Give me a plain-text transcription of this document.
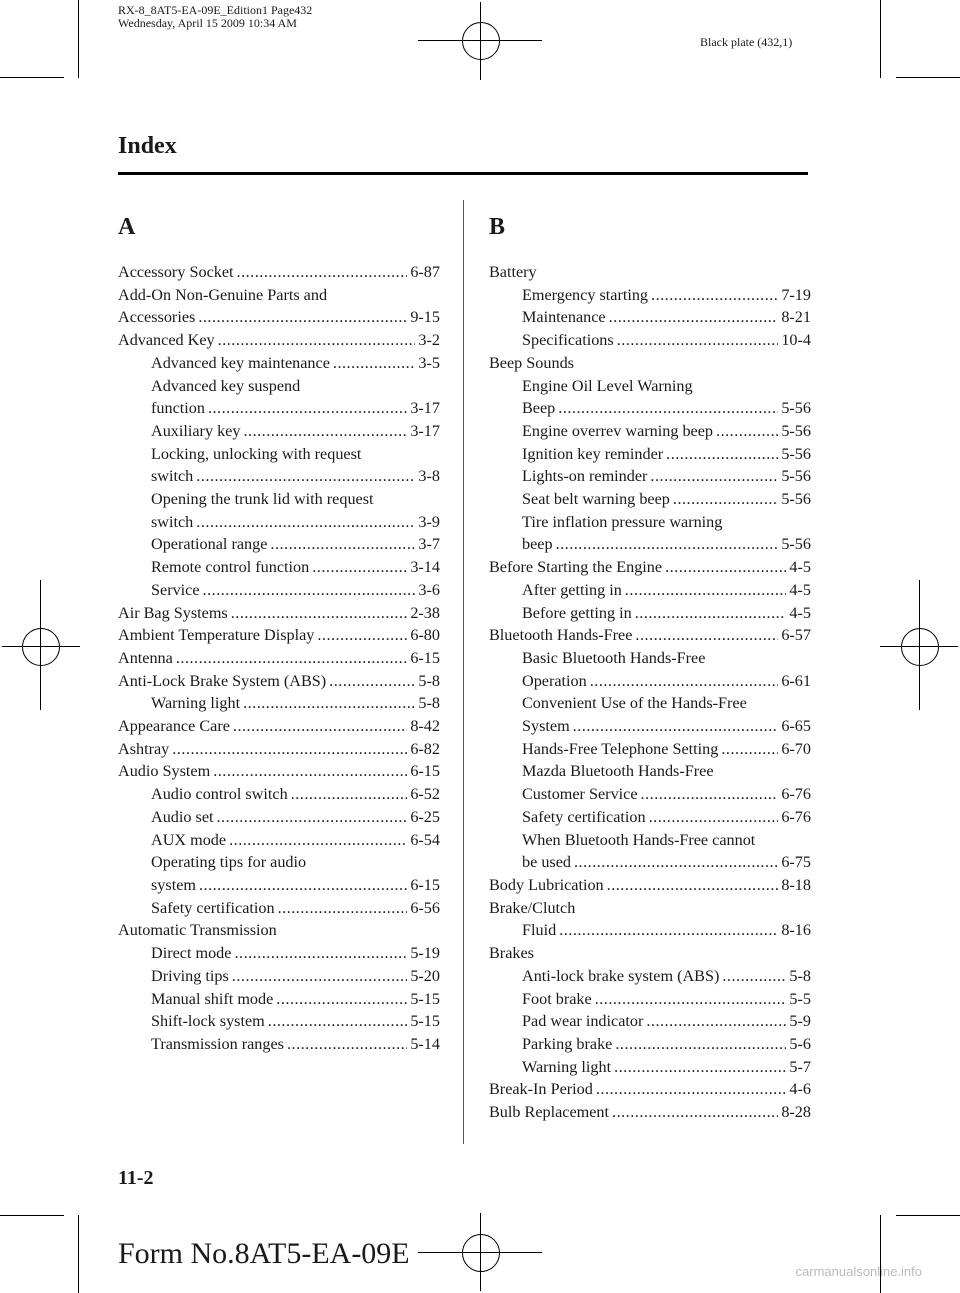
RX-8_8AT5-EA-09E_Edition1 Page432
Wednesday, April 15 2009 10:34 AM
Black plate (432,1)
Index
A	B
Accessory Socket .....	6-87
Add-On Non-Genuine Parts and
Accessories .....	9-15
Advanced Key .....	3-2
Advanced key maintenance .....	3-5
Advanced key suspend
function .....	3-17
Auxiliary key .....	3-17
Locking, unlocking with request
switch .....	3-8
Opening the trunk lid with request
switch .....	3-9
Operational range .....	3-7
Remote control function .....	3-14
Service .....	3-6
Air Bag Systems .....	2-38
Ambient Temperature Display .....	6-80
Antenna .....	6-15
Anti-Lock Brake System (ABS) .....	5-8
Warning light .....	5-8
Appearance Care .....	8-42
Ashtray .....	6-82
Audio System .....	6-15
Audio control switch .....	6-52
Audio set .....	6-25
AUX mode .....	6-54
Operating tips for audio
system .....	6-15
Safety certification .....	6-56
Automatic Transmission
Direct mode .....	5-19
Driving tips .....	5-20
Manual shift mode .....	5-15
Shift-lock system .....	5-15
Transmission ranges .....	5-14
Battery
Emergency starting .....	7-19
Maintenance .....	8-21
Specifications .....	10-4
Beep Sounds
Engine Oil Level Warning
Beep .....	5-56
Engine overrev warning beep .....	5-56
Ignition key reminder .....	5-56
Lights-on reminder .....	5-56
Seat belt warning beep .....	5-56
Tire inflation pressure warning
beep .....	5-56
Before Starting the Engine .....	4-5
After getting in .....	4-5
Before getting in .....	4-5
Bluetooth Hands-Free .....	6-57
Basic Bluetooth Hands-Free
Operation .....	6-61
Convenient Use of the Hands-Free
System .....	6-65
Hands-Free Telephone Setting .....	6-70
Mazda Bluetooth Hands-Free
Customer Service .....	6-76
Safety certification .....	6-76
When Bluetooth Hands-Free cannot
be used .....	6-75
Body Lubrication .....	8-18
Brake/Clutch
Fluid .....	8-16
Brakes
Anti-lock brake system (ABS) .....	5-8
Foot brake .....	5-5
Pad wear indicator .....	5-9
Parking brake .....	5-6
Warning light .....	5-7
Break-In Period .....	4-6
Bulb Replacement .....	8-28
11-2
Form No.8AT5-EA-09E
carmanualsonline.info
